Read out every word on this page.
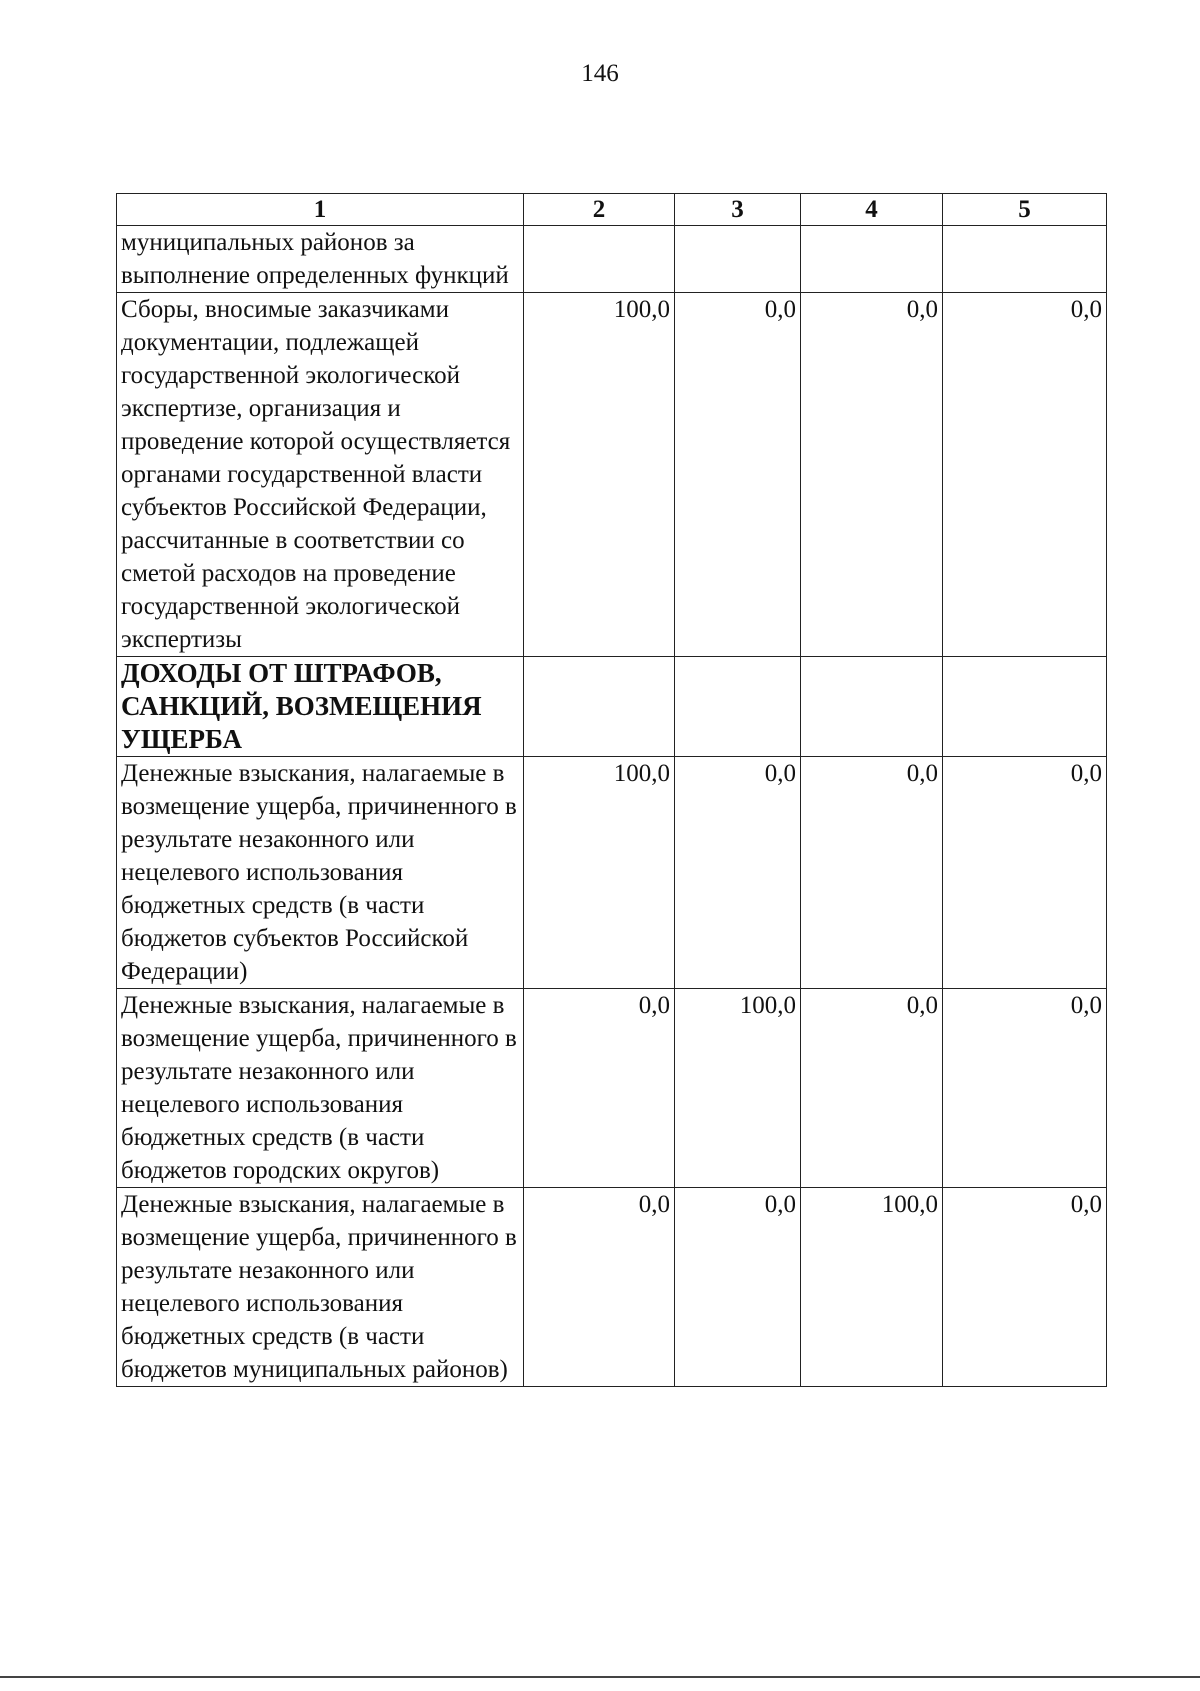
146
1	2	3	4	5
муниципальных районов за выполнение определенных функций				
Сборы, вносимые заказчиками документации, подлежащей государственной экологической экспертизе, организация и проведение которой осуществляется органами государственной власти субъектов Российской Федерации, рассчитанные в соответствии со сметой расходов на проведение государственной экологической экспертизы	100,0	0,0	0,0	0,0
ДОХОДЫ ОТ ШТРАФОВ, САНКЦИЙ, ВОЗМЕЩЕНИЯ УЩЕРБА				
Денежные взыскания, налагаемые в возмещение ущерба, причиненного в результате незаконного или нецелевого использования бюджетных средств (в части бюджетов субъектов Российской Федерации)	100,0	0,0	0,0	0,0
Денежные взыскания, налагаемые в возмещение ущерба, причиненного в результате незаконного или нецелевого использования бюджетных средств (в части бюджетов городских округов)	0,0	100,0	0,0	0,0
Денежные взыскания, налагаемые в возмещение ущерба, причиненного в результате незаконного или нецелевого использования бюджетных средств (в части бюджетов муниципальных районов)	0,0	0,0	100,0	0,0
